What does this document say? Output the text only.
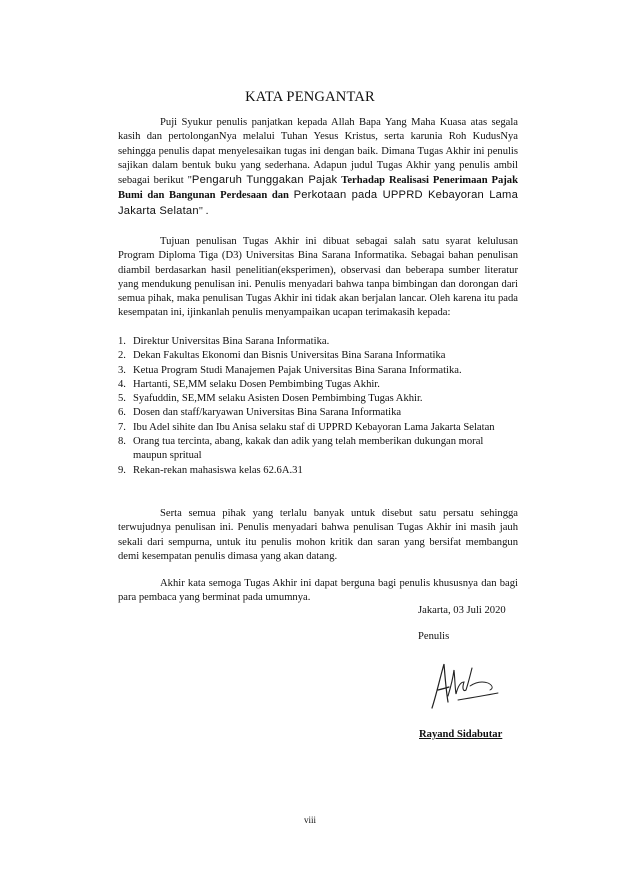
KATA PENGANTAR
Puji Syukur penulis panjatkan kepada Allah Bapa Yang Maha Kuasa atas segala kasih dan pertolonganNya melalui Tuhan Yesus Kristus, serta karunia Roh KudusNya sehingga penulis dapat menyelesaikan tugas ini dengan baik. Dimana Tugas Akhir ini penulis sajikan dalam bentuk buku yang sederhana. Adapun judul Tugas Akhir yang penulis ambil sebagai berikut "Pengaruh Tunggakan Pajak Terhadap Realisasi Penerimaan Pajak Bumi dan Bangunan Perdesaan dan Perkotaan pada UPPRD Kebayoran Lama Jakarta Selatan" .
Tujuan penulisan Tugas Akhir ini dibuat sebagai salah satu syarat kelulusan Program Diploma Tiga (D3) Universitas Bina Sarana Informatika. Sebagai bahan penulisan diambil berdasarkan hasil penelitian(eksperimen), observasi dan beberapa sumber literatur yang mendukung penulisan ini. Penulis menyadari bahwa tanpa bimbingan dan dorongan dari semua pihak, maka penulisan Tugas Akhir ini tidak akan berjalan lancar. Oleh karena itu pada kesempatan ini, ijinkanlah penulis menyampaikan ucapan terimakasih kepada:
1. Direktur Universitas Bina Sarana Informatika.
2. Dekan Fakultas Ekonomi dan Bisnis Universitas Bina Sarana Informatika
3. Ketua Program Studi Manajemen Pajak Universitas Bina Sarana Informatika.
4. Hartanti, SE,MM selaku Dosen Pembimbing Tugas Akhir.
5. Syafuddin, SE,MM selaku Asisten Dosen Pembimbing Tugas Akhir.
6. Dosen dan staff/karyawan Universitas Bina Sarana Informatika
7. Ibu Adel sihite dan Ibu Anisa selaku staf di UPPRD Kebayoran Lama Jakarta Selatan
8. Orang tua tercinta, abang, kakak dan adik yang telah memberikan dukungan moral maupun spritual
9. Rekan-rekan mahasiswa kelas 62.6A.31
Serta semua pihak yang terlalu banyak untuk disebut satu persatu sehingga terwujudnya penulisan ini. Penulis menyadari bahwa penulisan Tugas Akhir ini masih jauh sekali dari sempurna, untuk itu penulis mohon kritik dan saran yang bersifat membangun demi kesempatan penulis dimasa yang akan datang.
Akhir kata semoga Tugas Akhir ini dapat berguna bagi penulis khususnya dan bagi para pembaca yang berminat pada umumnya.
Jakarta, 03 Juli 2020
Penulis
Rayand Sidabutar
viii
